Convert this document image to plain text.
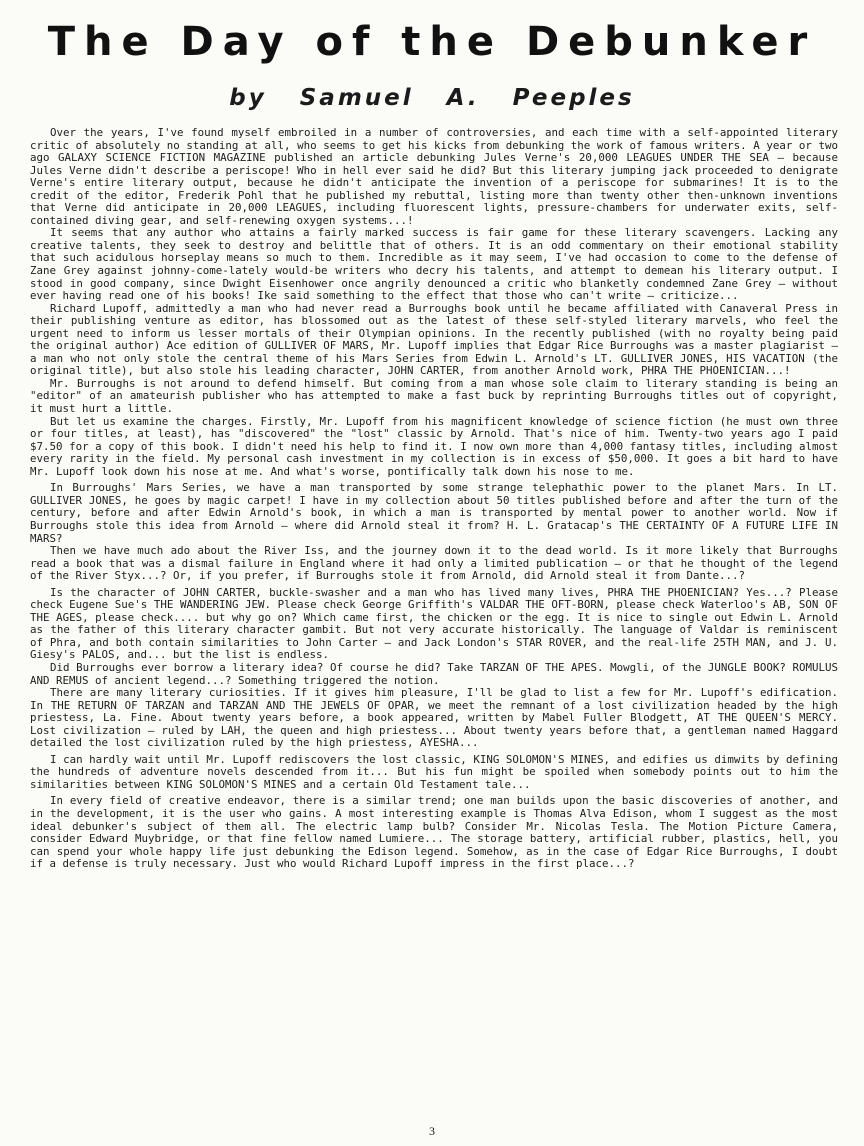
The Day of the Debunker
by Samuel A. Peeples

Over the years, I've found myself embroiled in a number of controversies, and each time with a self-appointed literary critic of absolutely no standing at all, who seems to get his kicks from debunking the work of famous writers. A year or two ago GALAXY SCIENCE FICTION MAGAZINE published an article debunking Jules Verne's 20,000 LEAGUES UNDER THE SEA — because Jules Verne didn't describe a periscope! Who in hell ever said he did? But this literary jumping jack proceeded to denigrate Verne's entire literary output, because he didn't anticipate the invention of a periscope for submarines! It is to the credit of the editor, Frederik Pohl that he published my rebuttal, listing more than twenty other then-unknown inventions that Verne did anticipate in 20,000 LEAGUES, including fluorescent lights, pressure-chambers for underwater exits, self-contained diving gear, and self-renewing oxygen systems...!

It seems that any author who attains a fairly marked success is fair game for these literary scavengers. Lacking any creative talents, they seek to destroy and belittle that of others. It is an odd commentary on their emotional stability that such acidulous horseplay means so much to them. Incredible as it may seem, I've had occasion to come to the defense of Zane Grey against johnny-come-lately would-be writers who decry his talents, and attempt to demean his literary output. I stood in good company, since Dwight Eisenhower once angrily denounced a critic who blanketly condemned Zane Grey — without ever having read one of his books! Ike said something to the effect that those who can't write — criticize...

Richard Lupoff, admittedly a man who had never read a Burroughs book until he became affiliated with Canaveral Press in their publishing venture as editor, has blossomed out as the latest of these self-styled literary marvels, who feel the urgent need to inform us lesser mortals of their Olympian opinions. In the recently published (with no royalty being paid the original author) Ace edition of GULLIVER OF MARS, Mr. Lupoff implies that Edgar Rice Burroughs was a master plagiarist — a man who not only stole the central theme of his Mars Series from Edwin L. Arnold's LT. GULLIVER JONES, HIS VACATION (the original title), but also stole his leading character, JOHN CARTER, from another Arnold work, PHRA THE PHOENICIAN...!

Mr. Burroughs is not around to defend himself. But coming from a man whose sole claim to literary standing is being an "editor" of an amateurish publisher who has attempted to make a fast buck by reprinting Burroughs titles out of copyright, it must hurt a little.

But let us examine the charges. Firstly, Mr. Lupoff from his magnificent knowledge of science fiction (he must own three or four titles, at least), has "discovered" the "lost" classic by Arnold. That's nice of him. Twenty-two years ago I paid $7.50 for a copy of this book. I didn't need his help to find it. I now own more than 4,000 fantasy titles, including almost every rarity in the field. My personal cash investment in my collection is in excess of $50,000. It goes a bit hard to have Mr. Lupoff look down his nose at me. And what's worse, pontifically talk down his nose to me.

In Burroughs' Mars Series, we have a man transported by some strange telephathic power to the planet Mars. In LT. GULLIVER JONES, he goes by magic carpet! I have in my collection about 50 titles published before and after the turn of the century, before and after Edwin Arnold's book, in which a man is transported by mental power to another world. Now if Burroughs stole this idea from Arnold — where did Arnold steal it from? H. L. Gratacap's THE CERTAINTY OF A FUTURE LIFE IN MARS?

Then we have much ado about the River Iss, and the journey down it to the dead world. Is it more likely that Burroughs read a book that was a dismal failure in England where it had only a limited publication — or that he thought of the legend of the River Styx...? Or, if you prefer, if Burroughs stole it from Arnold, did Arnold steal it from Dante...?

Is the character of JOHN CARTER, buckle-swasher and a man who has lived many lives, PHRA THE PHOENICIAN? Yes...? Please check Eugene Sue's THE WANDERING JEW. Please check George Griffith's VALDAR THE OFT-BORN, please check Waterloo's AB, SON OF THE AGES, please check.... but why go on? Which came first, the chicken or the egg. It is nice to single out Edwin L. Arnold as the father of this literary character gambit. But not very accurate historically. The language of Valdar is reminiscent of Phra, and both contain similarities to John Carter — and Jack London's STAR ROVER, and the real-life 25TH MAN, and J. U. Giesy's PALOS, and... but the list is endless.

Did Burroughs ever borrow a literary idea? Of course he did? Take TARZAN OF THE APES. Mowgli, of the JUNGLE BOOK? ROMULUS AND REMUS of ancient legend...? Something triggered the notion.

There are many literary curiosities. If it gives him pleasure, I'll be glad to list a few for Mr. Lupoff's edification. In THE RETURN OF TARZAN and TARZAN AND THE JEWELS OF OPAR, we meet the remnant of a lost civilization headed by the high priestess, La. Fine. About twenty years before, a book appeared, written by Mabel Fuller Blodgett, AT THE QUEEN'S MERCY. Lost civilization — ruled by LAH, the queen and high priestess... About twenty years before that, a gentleman named Haggard detailed the lost civilization ruled by the high priestess, AYESHA...

I can hardly wait until Mr. Lupoff rediscovers the lost classic, KING SOLOMON'S MINES, and edifies us dimwits by defining the hundreds of adventure novels descended from it... But his fun might be spoiled when somebody points out to him the similarities between KING SOLOMON'S MINES and a certain Old Testament tale...

In every field of creative endeavor, there is a similar trend; one man builds upon the basic discoveries of another, and in the development, it is the user who gains. A most interesting example is Thomas Alva Edison, whom I suggest as the most ideal debunker's subject of them all. The electric lamp bulb? Consider Mr. Nicolas Tesla. The Motion Picture Camera, consider Edward Muybridge, or that fine fellow named Lumiere... The storage battery, artificial rubber, plastics, hell, you can spend your whole happy life just debunking the Edison legend. Somehow, as in the case of Edgar Rice Burroughs, I doubt if a defense is truly necessary. Just who would Richard Lupoff impress in the first place...?

3
